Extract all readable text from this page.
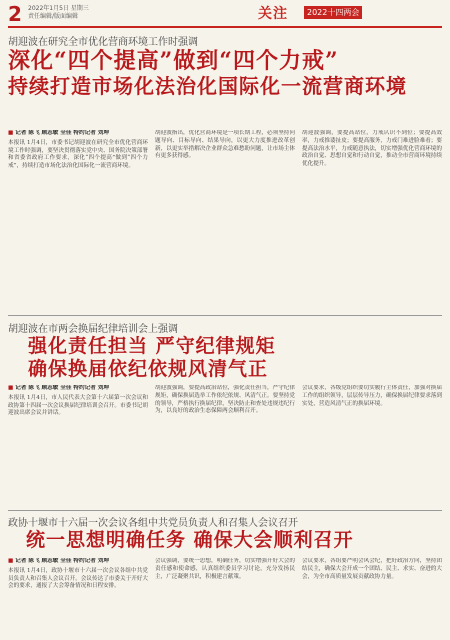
2 2022年1月5日 星期三
责任编辑/版面编辑	关注	2022十四两会
胡迎波在研究全市优化营商环境工作时强调
深化“四个提高”做到“四个力戒”
持续打造市场化法治化国际化一流营商环境
■ 记者 陈飞 顾志敏 全佳 特约记者 刘坤
本报讯 1月4日，市委书记胡迎波在研究全市优化营商环境工作时强调，要坚决贯彻落实党中央、国务院决策部署和省委省政府工作要求，深化“四个提高”做到“四个力戒”，持续打造市场化法治化国际化一流营商环境。
胡迎波指出，优化营商环境是一项长期工程，必须坚持问题导向、目标导向、结果导向，以更大力度推进改革创新，以更实举措解决企业群众急难愁盼问题，让市场主体有更多获得感。
胡迎波强调，要提高站位，力戒认识不到位；要提高效率，力戒推诿扯皮；要提高服务，力戒门难进脸难看；要提高法治水平，力戒随意执法，切实增强优化营商环境的政治自觉、思想自觉和行动自觉，推动全市营商环境持续优化提升。
胡迎波在市两会换届纪律培训会上强调
强化责任担当 严守纪律规矩
确保换届依纪依规风清气正
■ 记者 陈飞 顾志敏 全佳 特约记者 刘坤
本报讯 1月4日，市人民代表大会第十六届第一次会议和政协第十四届一次会议换届纪律培训会召开。市委书记胡迎波出席会议并讲话。
胡迎波强调，要提高政治站位，强化责任担当，严守纪律规矩，确保换届选举工作依纪依规、风清气正。要坚持党的领导，严格执行换届纪律，坚决防止和查处违规违纪行为，以良好的政治生态保障两会顺利召开。
会议要求，各级党组织要切实履行主体责任，加强对换届工作的组织领导，层层传导压力，确保换届纪律要求落到实处，营造风清气正的换届环境。
政协十堰市十六届一次会议各组中共党员负责人和召集人会议召开
统一思想明确任务 确保大会顺利召开
■ 记者 陈飞 顾志敏 全佳 特约记者 刘坤
本报讯 1月4日，政协十堰市十六届一次会议各组中共党员负责人和召集人会议召开。会议传达了市委关于开好大会的要求，通报了大会筹备情况和日程安排。
会议强调，要统一思想，明确任务，切实增强开好大会的责任感和使命感，认真组织委员学习讨论，充分发扬民主，广泛凝聚共识，积极建言献策。
会议要求，各组要严明会风会纪，把好政治方向，坚持团结民主，确保大会开成一个团结、民主、求实、奋进的大会，为全市高质量发展贡献政协力量。
